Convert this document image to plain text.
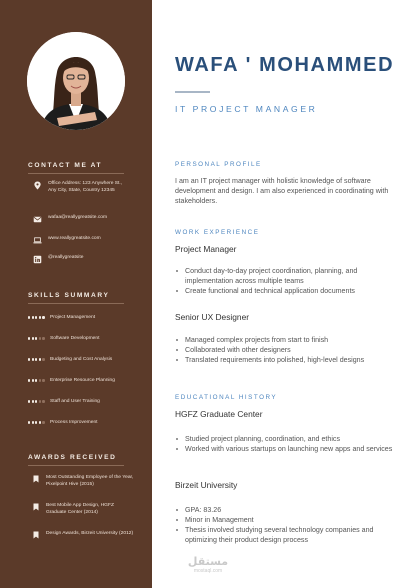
CONTACT ME AT
Office Address: 123 Anywhere St., Any City, State, Country 12345
wafaa@reallygreatsite.com
www.reallygreatsite.com
@reallygreatsite
SKILLS SUMMARY
Project Management
Software Development
Budgeting and Cost Analysis
Enterprise Resource Planning
Staff and User Training
Process Improvement
AWARDS RECEIVED
Most Outstanding Employee of the Year, Pixelpoint Hive (2015)
Best Mobile App Design, HGFZ Graduate Center (2014)
Design Awards, Birzeit University (2012)
WAFA ' MOHAMMED
IT PROJECT MANAGER
PERSONAL PROFILE
I am an IT project manager with holistic knowledge of software development and design. I am also experienced in coordinating with stakeholders.
WORK EXPERIENCE
Project Manager
Conduct day-to-day project coordination, planning, and implementation across multiple teams
Create functional and technical application documents
Senior UX Designer
Managed complex projects from start to finish
Collaborated with other designers
Translated requirements into polished, high-level designs
EDUCATIONAL HISTORY
HGFZ Graduate Center
Studied project planning, coordination, and ethics
Worked with various startups on launching new apps and services
Birzeit University
GPA: 83.26
Minor in Management
Thesis involved studying several technology companies and optimizing their product design process
مستقل
mostaql.com
